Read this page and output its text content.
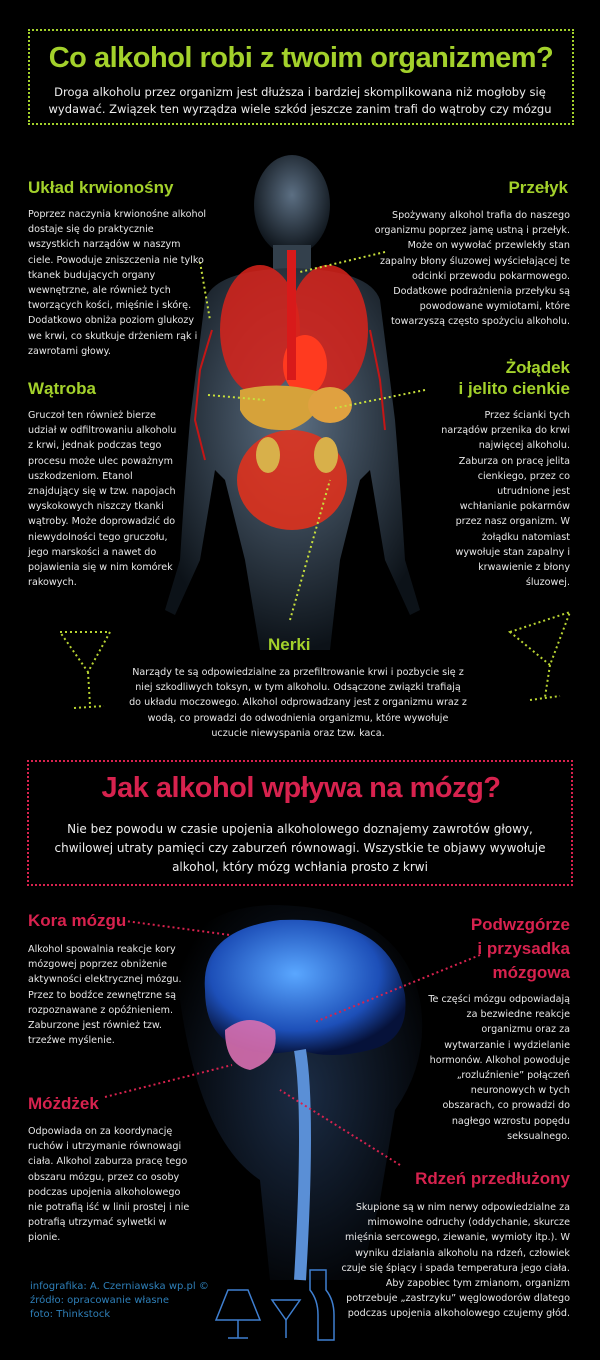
Co alkohol robi z twoim organizmem?
Droga alkoholu przez organizm jest dłuższa i bardziej skomplikowana niż mogłoby się wydawać. Związek ten wyrządza wiele szkód jeszcze zanim trafi do wątroby czy mózgu
Układ krwionośny
Poprzez naczynia krwionośne alkohol dostaje się do praktycznie wszystkich narządów w naszym ciele. Powoduje zniszczenia nie tylko tkanek budujących organy wewnętrzne, ale również tych tworzących kości, mięśnie i skórę. Dodatkowo obniża poziom glukozy we krwi, co skutkuje drżeniem rąk i zawrotami głowy.
Przełyk
Spożywany alkohol trafia do naszego organizmu poprzez jamę ustną i przełyk. Może on wywołać przewlekły stan zapalny błony śluzowej wyściełającej te odcinki przewodu pokarmowego. Dodatkowe podrażnienia przełyku są powodowane wymiotami, które towarzyszą często spożyciu alkoholu.
Wątroba
Gruczoł ten również bierze udział w odfiltrowaniu alkoholu z krwi, jednak podczas tego procesu może ulec poważnym uszkodzeniom. Etanol znajdujący się w tzw. napojach wyskokowych niszczy tkanki wątroby. Może doprowadzić do niewydolności tego gruczołu, jego marskości a nawet do pojawienia się w nim komórek rakowych.
Żołądek
i jelito cienkie
Przez ścianki tych narządów przenika do krwi najwięcej alkoholu. Zaburza on pracę jelita cienkiego, przez co utrudnione jest wchłanianie pokarmów przez nasz organizm. W żołądku natomiast wywołuje stan zapalny i krwawienie z błony śluzowej.
Nerki
Narządy te są odpowiedzialne za przefiltrowanie krwi i pozbycie się z niej szkodliwych toksyn, w tym alkoholu. Odsączone związki trafiają do układu moczowego. Alkohol odprowadzany jest z organizmu wraz z wodą, co prowadzi do odwodnienia organizmu, które wywołuje uczucie niewyspania oraz tzw. kaca.
Jak alkohol wpływa na mózg?
Nie bez powodu w czasie upojenia alkoholowego doznajemy zawrotów głowy, chwilowej utraty pamięci czy zaburzeń równowagi. Wszystkie te objawy wywołuje alkohol, który mózg wchłania prosto z krwi
Kora mózgu
Alkohol spowalnia reakcje kory mózgowej poprzez obniżenie aktywności elektrycznej mózgu. Przez to bodźce zewnętrzne są rozpoznawane z opóźnieniem. Zaburzone jest również tzw. trzeźwe myślenie.
Podwzgórze
i przysadka
mózgowa
Te części mózgu odpowiadają za bezwiedne reakcje organizmu oraz za wytwarzanie i wydzielanie hormonów. Alkohol powoduje „rozluźnienie” połączeń neuronowych w tych obszarach, co prowadzi do nagłego wzrostu popędu seksualnego.
Móżdżek
Odpowiada on za koordynację ruchów i utrzymanie równowagi ciała. Alkohol zaburza pracę tego obszaru mózgu, przez co osoby podczas upojenia alkoholowego nie potrafią iść w linii prostej i nie potrafią utrzymać sylwetki w pionie.
Rdzeń przedłużony
Skupione są w nim nerwy odpowiedzialne za mimowolne odruchy (oddychanie, skurcze mięśnia sercowego, ziewanie, wymioty itp.). W wyniku działania alkoholu na rdzeń, człowiek czuje się śpiący i spada temperatura jego ciała. Aby zapobiec tym zmianom, organizm potrzebuje „zastrzyku” węglowodorów dlatego podczas upojenia alkoholowego czujemy głód.
infografika: A. Czerniawska wp.pl ©
źródło: opracowanie własne
foto: Thinkstock
